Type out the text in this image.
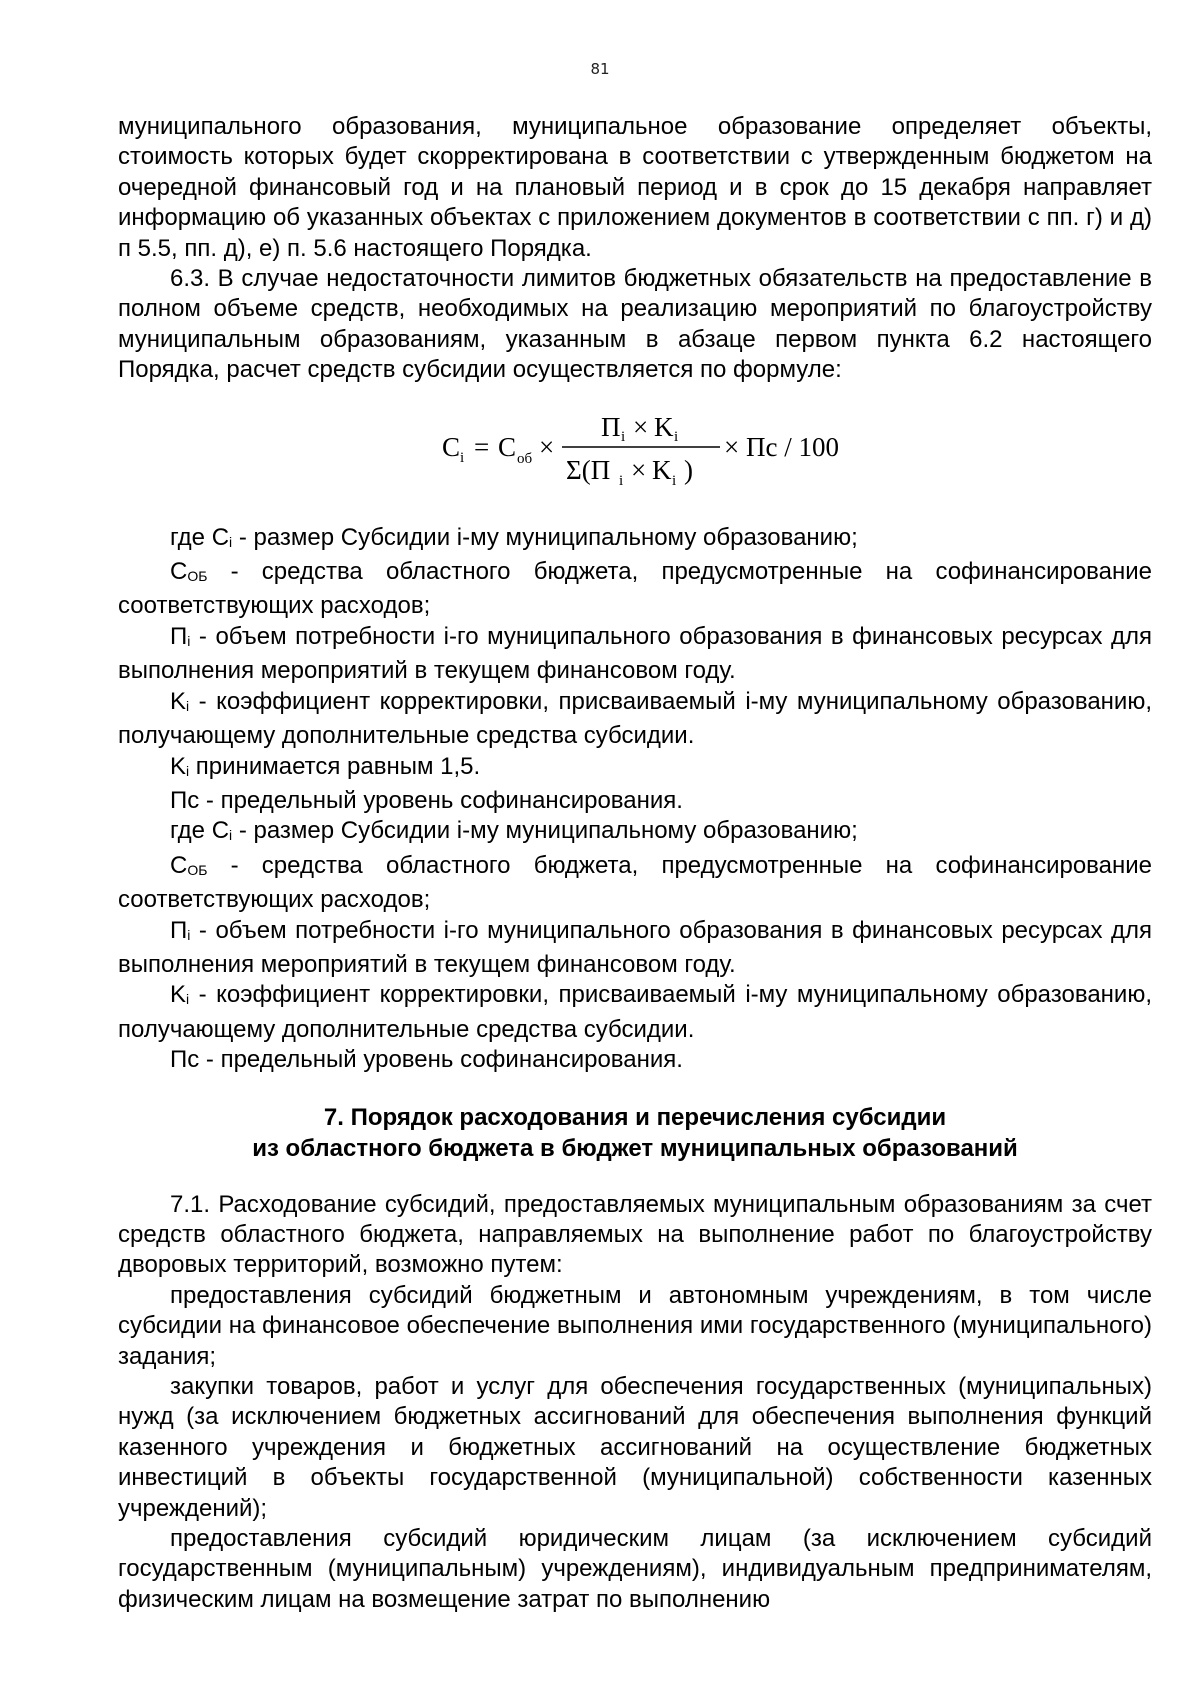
81

муниципального образования, муниципальное образование определяет объекты, стоимость которых будет скорректирована в соответствии с утвержденным бюджетом на очередной финансовый год и на плановый период и в срок до 15 декабря направляет информацию об указанных объектах с приложением документов в соответствии с пп. г) и д) п 5.5, пп. д), е) п. 5.6 настоящего Порядка.

6.3. В случае недостаточности лимитов бюджетных обязательств на предоставление в полном объеме средств, необходимых на реализацию мероприятий по благоустройству муниципальным образованиям, указанным в абзаце первом пункта 6.2 настоящего Порядка, расчет средств субсидии осуществляется по формуле:

C i = C об ×
П i × K i
Σ(П i × K i )
× Пс / 100

где Ci - размер Субсидии i-му муниципальному образованию;

CОБ - средства областного бюджета, предусмотренные на софинансирование соответствующих расходов;

Пi - объем потребности i-го муниципального образования в финансовых ресурсах для выполнения мероприятий в текущем финансовом году.

Ki - коэффициент корректировки, присваиваемый i-му муниципальному образованию, получающему дополнительные средства субсидии.

Ki принимается равным 1,5.

Пс - предельный уровень софинансирования.

где Ci - размер Субсидии i-му муниципальному образованию;

CОБ - средства областного бюджета, предусмотренные на софинансирование соответствующих расходов;

Пi - объем потребности i-го муниципального образования в финансовых ресурсах для выполнения мероприятий в текущем финансовом году.

Ki - коэффициент корректировки, присваиваемый i-му муниципальному образованию, получающему дополнительные средства субсидии.

Пс - предельный уровень софинансирования.

7. Порядок расходования и перечисления субсидии
из областного бюджета в бюджет муниципальных образований

7.1. Расходование субсидий, предоставляемых муниципальным образованиям за счет средств областного бюджета, направляемых на выполнение работ по благоустройству дворовых территорий, возможно путем:

предоставления субсидий бюджетным и автономным учреждениям, в том числе субсидии на финансовое обеспечение выполнения ими государственного (муниципального) задания;

закупки товаров, работ и услуг для обеспечения государственных (муниципальных) нужд (за исключением бюджетных ассигнований для обеспечения выполнения функций казенного учреждения и бюджетных ассигнований на осуществление бюджетных инвестиций в объекты государственной (муниципальной) собственности казенных учреждений);

предоставления субсидий юридическим лицам (за исключением субсидий государственным (муниципальным) учреждениям), индивидуальным предпринимателям, физическим лицам на возмещение затрат по выполнению
